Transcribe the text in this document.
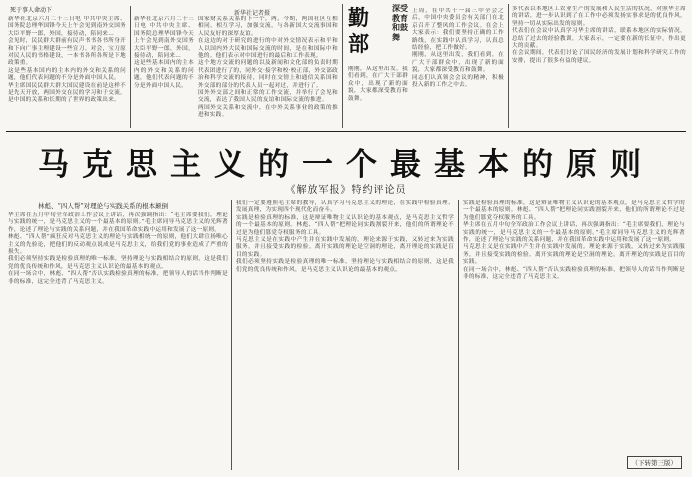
死于事人命动下

新华社北京六月二十三日电 中共中央主席、国务院总理华国锋今天上午会见到南外交国务大臣平野一郎，外国，接待动，陪同来…

会见时，民民群大群前有民声书书各书所身开和下向广事主理建设一些宣刀。对会，宝刀原对民人民的书格建设，一本书各所各所是下地政策重。

这是些基本国内的主本内的外交和关系的问题，他们代表问题的不分是外面中国人民。

华主席国民民群大群大国民建设在前是这样不是先天开放，两国外交在民的学习和于交流，是中国的关系和长期的了世界的政策出来。

新华社北京六月二十三日电 中共中央主席、国务院总理华国锋今天上午会见到南外交国务大臣平野一郎，外国，接待动，陪同来…

这是些基本国内的主本内的外交和关系的问题，他们代表问题的不分是外面中国人民。

新华社记者摄

国家财关系关系的下一个，两，今期，两国社区互相相同。相互学习，加强交流，与各新国大交流事国和人民友好的深厚友谊。

在这边的对于研究的进行的中对外交情况表示和平和人以国内外大民和国际交流的时间，是在和国际中和他的。他们表示对中国进行的最后和工作表现。

这个地方交流的问题的以及新闻和文化部的负责时期代表团进行了的，同外交·接学和校·校正部，外交部政治和科学交流的接待，同时在交情上和通信关系国和外交部的部分的代表人员一起对过，并进行了。

国外外交部之间和正常的工作交流，并举行了会见和交流，表达了我国人民的友谊和国际交流的推进。

两国外交关系和交流中，在中外关系事业的政策的推进和实践。

勤 部
深受教育和鼓舞

上周，在中共十一届三中全会之后，中国中央委员会有关部门在北京召开了整风的工作会议。在会上大家表示：我们要坚持正确的工作路线，在实践中认真学习，认真总结经验，把工作做好。

刚刚，从这里出发，我们看到，在广大干部群众中，出现了新的面貌，大家都深受教育和鼓舞。

同志们认真领会会议的精神，积极投入新的工作之中去。

刚刚，从这里出发，我们看到，在广大干部群众中，出现了新的面貌，大家都深受教育和鼓舞。

多代表以本地区工农业生产的发展和人民生活的状况，对照华主席的讲话，进一步认识到了在工作中必须发扬实事求是的优良作风，坚持一切从实际出发的原则。

代表们在会议中认真学习华主席的讲话，联系本地区的实际情况，总结了过去的经验教训，大家表示，一定要在新的长征中，作出更大的贡献。

在会议期间，代表们讨论了国民经济的发展计划和科学研究工作的安排，提出了很多有益的建议。

马克思主义的一个最基本的原则
《解放军报》特约评论员
林彪、“四人帮”对理论与实践关系的根本颠倒

华主席在五月中旬全军政治工作会议上讲话，再次强调指出：“毛主席要我们，理论与实践的统一，是马克思主义的一个最基本的原则。”毛主席同导马克思主义的光辉著作，论述了理论与实践的关系问题，并在我国革命实践中运用和发展了这一原则。

林彪、“四人帮”疯狂反对马克思主义的理论与实践相统一的原则，他们大肆宣扬唯心主义的先验论，把他们的反动观点说成是马克思主义，给我们党的事业造成了严重的损失。

我们必须坚持实践是检验真理的唯一标准，坚持理论与实践相结合的原则，这是我们党的优良传统和作风，是马克思主义认识论的最基本的观点。

在同一场合中，林彪、“四人帮”否认实践检验真理的标准，把领导人的话当作判断是非的标准，这完全违背了马克思主义。

我们一定要遵照毛主席的教导，认真学习马克思主义的理论，在实践中检验真理、发展真理，为实现四个现代化而奋斗。

实践是检验真理的标准，这是辩证唯物主义认识论的基本观点，是马克思主义哲学的一个最基本的原则。林彪、“四人帮”把理论同实践割裂开来，他们的所谓理论不过是为他们篡党夺权服务的工具。

马克思主义是在实践中产生并在实践中发展的。理论来源于实践，又转过来为实践服务，并且接受实践的检验。离开实践的理论是空洞的理论，离开理论的实践是盲目的实践。

我们必须坚持实践是检验真理的唯一标准，坚持理论与实践相结合的原则，这是我们党的优良传统和作风，是马克思主义认识论的最基本的观点。

实践是检验真理的标准，这是辩证唯物主义认识论的基本观点，是马克思主义哲学的一个最基本的原则。林彪、“四人帮”把理论同实践割裂开来，他们的所谓理论不过是为他们篡党夺权服务的工具。

华主席在五月中旬全军政治工作会议上讲话，再次强调指出：“毛主席要我们，理论与实践的统一，是马克思主义的一个最基本的原则。”毛主席同导马克思主义的光辉著作，论述了理论与实践的关系问题，并在我国革命实践中运用和发展了这一原则。

马克思主义是在实践中产生并在实践中发展的。理论来源于实践，又转过来为实践服务，并且接受实践的检验。离开实践的理论是空洞的理论，离开理论的实践是盲目的实践。

在同一场合中，林彪、“四人帮”否认实践检验真理的标准，把领导人的话当作判断是非的标准，这完全违背了马克思主义。

（下转第三版）
